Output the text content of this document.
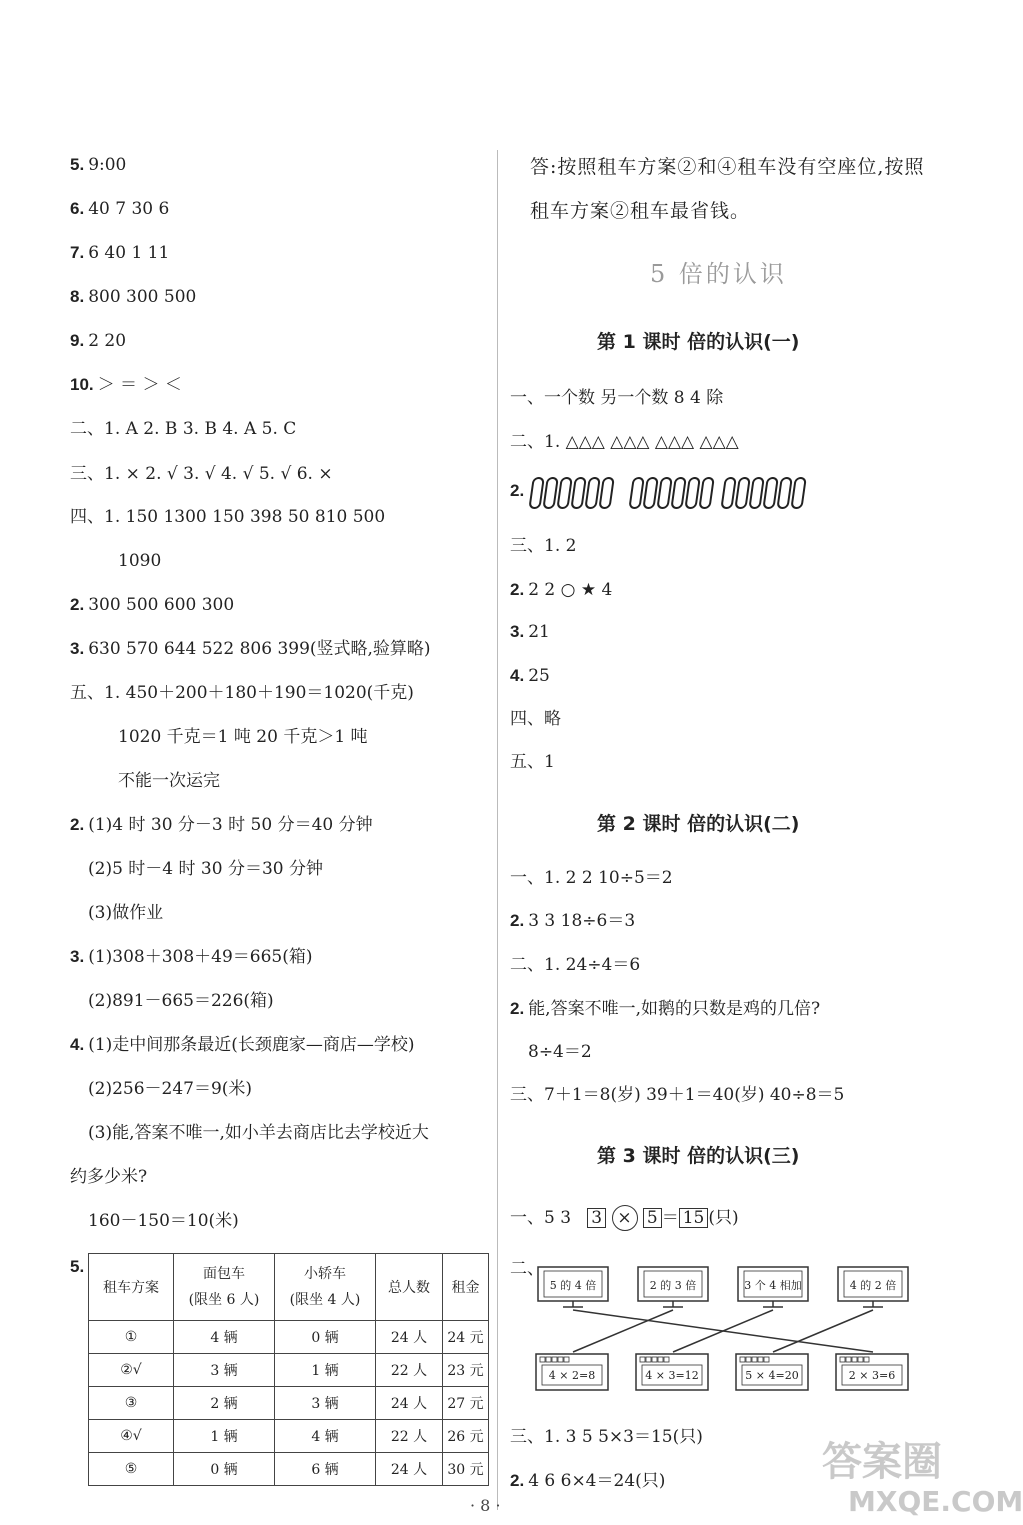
5. 9:00
6. 40 7 30 6
7. 6 40 1 11
8. 800 300 500
9. 2 20
10. ＞ ＝ ＞ ＜
二、1. A 2. B 3. B 4. A 5. C
三、1. × 2. √ 3. √ 4. √ 5. √ 6. ×
四、1. 150 1300 150 398 50 810 500
1090
2. 300 500 600 300
3. 630 570 644 522 806 399(竖式略,验算略)
五、1. 450＋200＋180＋190＝1020(千克)
1020 千克＝1 吨 20 千克＞1 吨
不能一次运完
2. (1)4 时 30 分－3 时 50 分＝40 分钟
(2)5 时－4 时 30 分＝30 分钟
(3)做作业
3. (1)308＋308＋49＝665(箱)
(2)891－665＝226(箱)
4. (1)走中间那条最近(长颈鹿家—商店—学校)
(2)256－247＝9(米)
(3)能,答案不唯一,如小羊去商店比去学校近大
约多少米?
160－150＝10(米)
5.
租车方案	面包车
(限坐 6 人)	小轿车
(限坐 4 人)	总人数	租金
①	4 辆	0 辆	24 人	24 元
②√	3 辆	1 辆	22 人	23 元
③	2 辆	3 辆	24 人	27 元
④√	1 辆	4 辆	22 人	26 元
⑤	0 辆	6 辆	24 人	30 元
答:按照租车方案②和④租车没有空座位,按照
租车方案②租车最省钱。
5 倍的认识
第 1 课时 倍的认识(一)
一、一个数 另一个数 8 4 除
二、1. △△△ △△△ △△△ △△△
2.
三、1. 2
2. 2 2 ○ ★ 4
3. 21
4. 25
四、略
五、1
第 2 课时 倍的认识(二)
一、1. 2 2 10÷5＝2
2. 3 3 18÷6＝3
二、1. 24÷4＝6
2. 能,答案不唯一,如鹅的只数是鸡的几倍?
8÷4＝2
三、7＋1＝8(岁) 39＋1＝40(岁) 40÷8＝5
第 3 课时 倍的认识(三)
一、5 3 3 × 5 ＝ 15 (只)
二、
5 的 4 倍	2 的 3 倍	3 个 4 相加	4 的 2 倍
4 × 2=8	4 × 3=12	5 × 4=20	2 × 3=6
三、1. 3 5 5×3＝15(只)
2. 4 6 6×4＝24(只)
· 8 ·
答案圈
MXQE.COM
